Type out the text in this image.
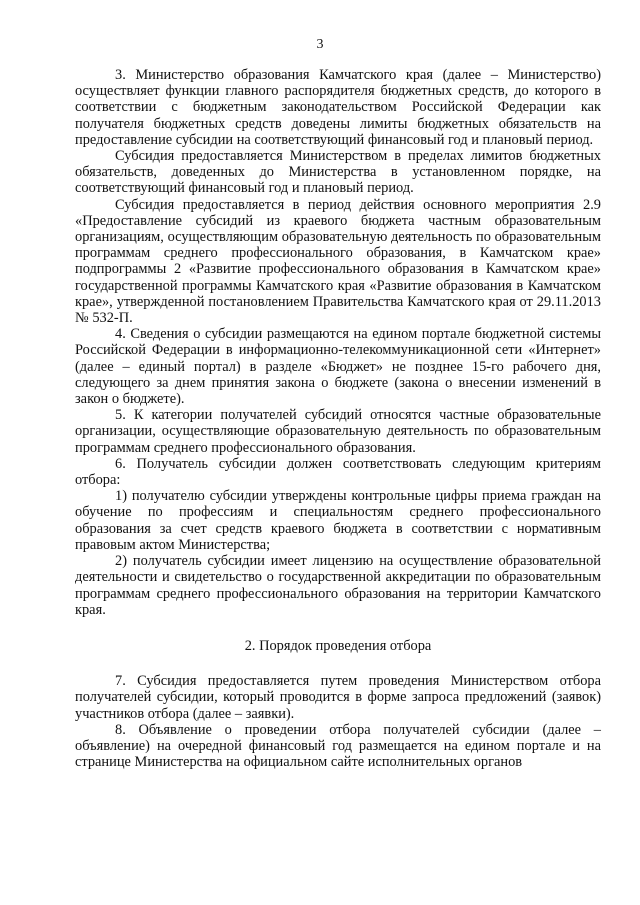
3

3. Министерство образования Камчатского края (далее – Министерство) осуществляет функции главного распорядителя бюджетных средств, до которого в соответствии с бюджетным законодательством Российской Федерации как получателя бюджетных средств доведены лимиты бюджетных обязательств на предоставление субсидии на соответствующий финансовый год и плановый период.

Субсидия предоставляется Министерством в пределах лимитов бюджетных обязательств, доведенных до Министерства в установленном порядке, на соответствующий финансовый год и плановый период.

Субсидия предоставляется в период действия основного мероприятия 2.9 «Предоставление субсидий из краевого бюджета частным образовательным организациям, осуществляющим образовательную деятельность по образовательным программам среднего профессионального образования, в Камчатском крае» подпрограммы 2 «Развитие профессионального образования в Камчатском крае» государственной программы Камчатского края «Развитие образования в Камчатском крае», утвержденной постановлением Правительства Камчатского края от 29.11.2013 № 532-П.

4. Сведения о субсидии размещаются на едином портале бюджетной системы Российской Федерации в информационно-телекоммуникационной сети «Интернет» (далее – единый портал) в разделе «Бюджет» не позднее 15-го рабочего дня, следующего за днем принятия закона о бюджете (закона о внесении изменений в закон о бюджете).

5. К категории получателей субсидий относятся частные образовательные организации, осуществляющие образовательную деятельность по образовательным программам среднего профессионального образования.

6. Получатель субсидии должен соответствовать следующим критериям отбора:

1) получателю субсидии утверждены контрольные цифры приема граждан на обучение по профессиям и специальностям среднего профессионального образования за счет средств краевого бюджета в соответствии с нормативным правовым актом Министерства;

2) получатель субсидии имеет лицензию на осуществление образовательной деятельности и свидетельство о государственной аккредитации по образовательным программам среднего профессионального образования на территории Камчатского края.

2. Порядок проведения отбора

7. Субсидия предоставляется путем проведения Министерством отбора получателей субсидии, который проводится в форме запроса предложений (заявок) участников отбора (далее – заявки).

8. Объявление о проведении отбора получателей субсидии (далее – объявление) на очередной финансовый год размещается на едином портале и на странице Министерства на официальном сайте исполнительных органов
